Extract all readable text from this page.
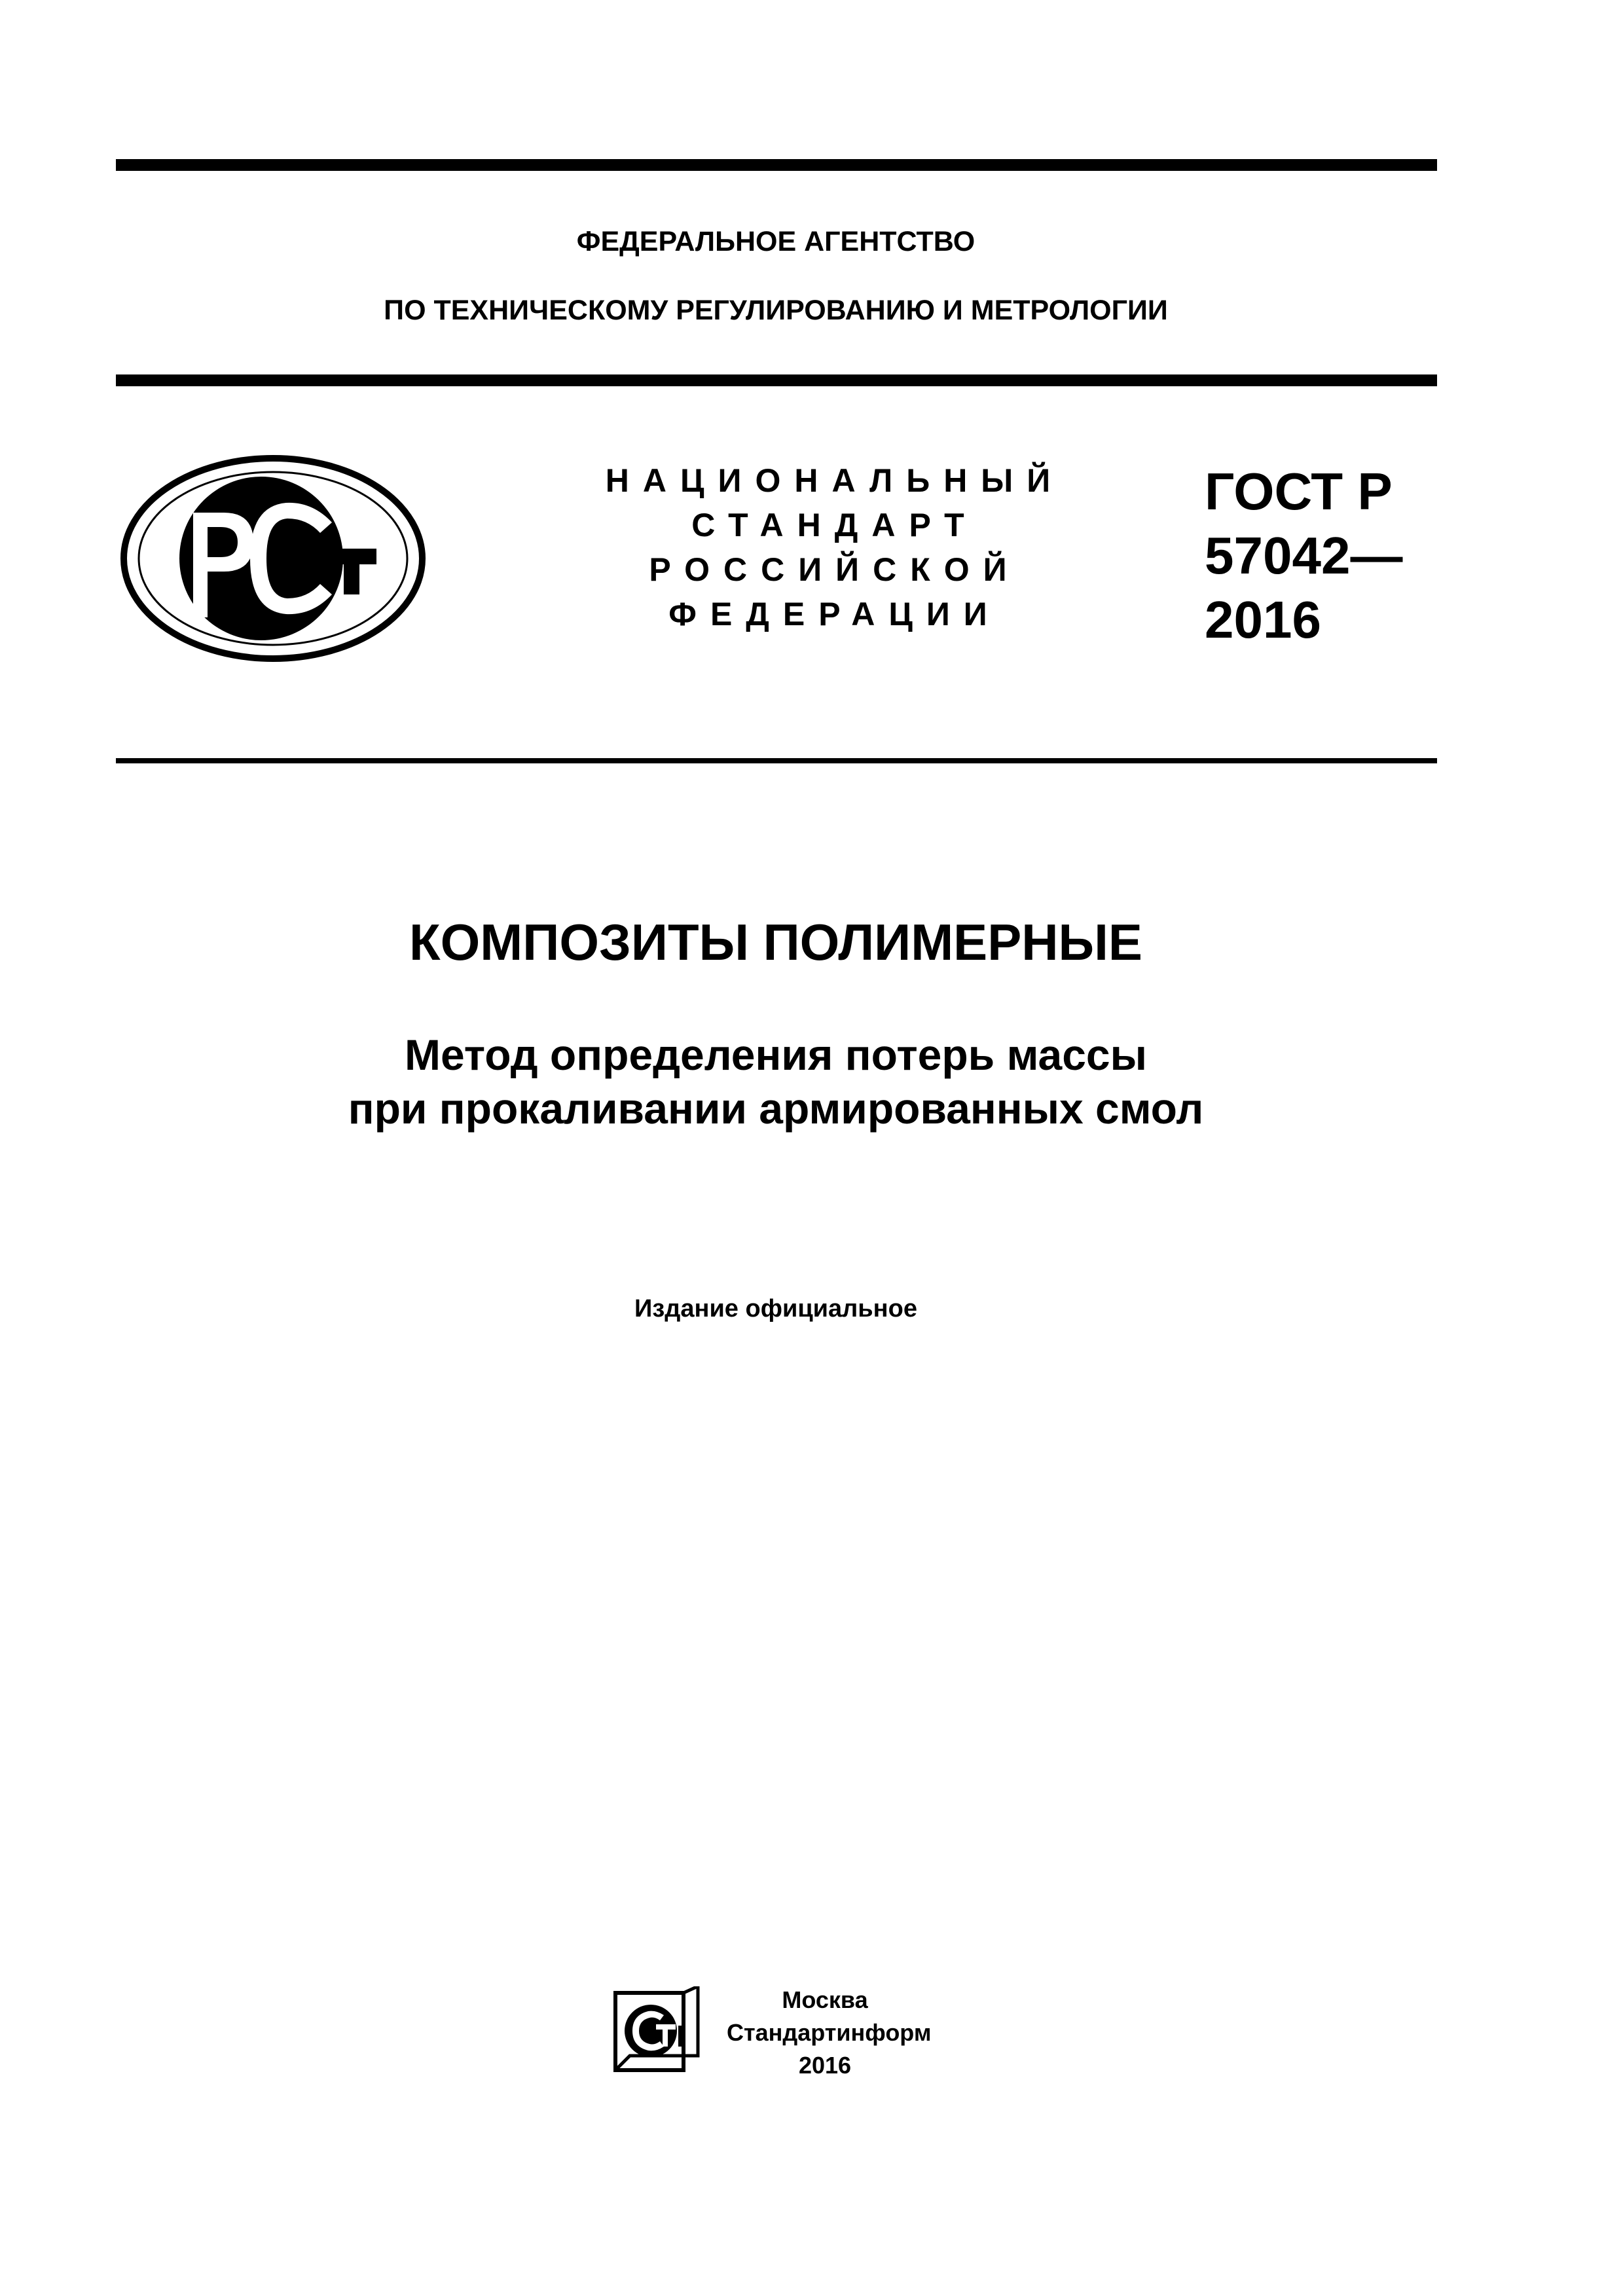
ФЕДЕРАЛЬНОЕ АГЕНТСТВО
ПО ТЕХНИЧЕСКОМУ РЕГУЛИРОВАНИЮ И МЕТРОЛОГИИ
НАЦИОНАЛЬНЫЙ
СТАНДАРТ
РОССИЙСКОЙ
ФЕДЕРАЦИИ
ГОСТ Р
57042—
2016
КОМПОЗИТЫ ПОЛИМЕРНЫЕ
Метод определения потерь массы
при прокаливании армированных смол
Издание официальное
Москва
Стандартинформ
2016
